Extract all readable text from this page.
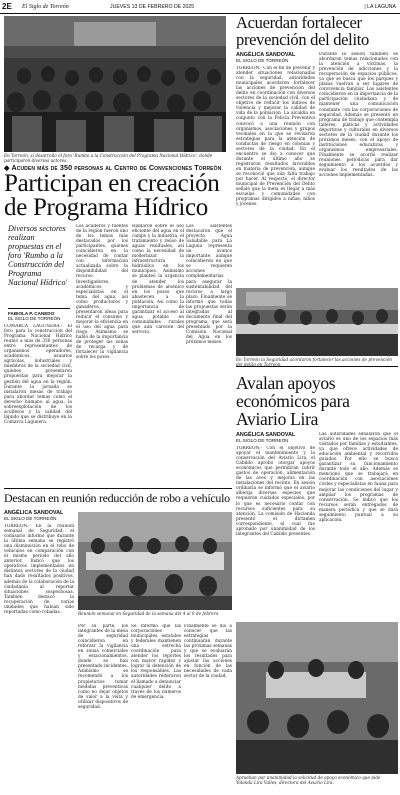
2E El Siglo de Torreón	JUEVES 13 DE FEBRERO DE 2025	| LA LAGUNA
En Torreón, si desarrolló el foro 'Rumbo a la Construcción del Programa Nacional Hídrico', donde participaron diversos actores.
Acuerdan fortalecer
prevención del delito
ANGÉLICA SANDOVAL
EL SIGLO DE TORREÓN
TORREÓN.- Con el fin de prevenir y atender situaciones relacionadas con la seguridad, autoridades municipales acordaron fortalecer las acciones de prevención del delito en coordinación con diversos sectores de la sociedad civil, con el objetivo de reducir los índices de violencia y mejorar la calidad de vida de la población. La alcaldía en conjunto con la Policía Preventiva convocó a una reunión con organismos, asociaciones y grupos vecinales en la que se revisaron estrategias para la atención de conductas de riesgo en colonias y sectores de la ciudad. En el encuentro se dio a conocer que durante el último año se registraron resultados favorables en materia de prevención, aunque se reconoció que aún falta trabajo por hacer. Al respecto, el director municipal de Prevención del Delito señaló que la meta es llegar a más escuelas y comunidades con programas dirigidos a niñas, niños y jóvenes.
Durante la sesión también se abordaron temas relacionados con la atención a víctimas, la prevención de adicciones y la recuperación de espacios públicos, ya que se busca que los parques y plazas vuelvan a ser lugares de convivencia familiar. Los asistentes coincidieron en la importancia de la participación ciudadana y de mantener una comunicación constante con las corporaciones de seguridad. Además se presentó un programa de trabajo que contempla talleres, pláticas y actividades deportivas y culturales en diversos sectores de la ciudad durante los próximos meses, con el apoyo de instituciones educativas y organismos empresariales. Finalmente se acordó realizar reuniones periódicas para dar seguimiento a los acuerdos y evaluar los resultados de las acciones implementadas.
◆ Acuden más de 350 personas al Centro de Convenciones Torreón
Participan en creación
de Programa Hídrico
En Torreón la Seguridad acordaron fortalecer las acciones de prevención del delito en Torreón.
Diversos sectores realizan propuestas en el foro 'Rumbo a la Construcción del Programa Nacional Hídrico'
FABIOLA P. CANEDO
EL SIGLO DE TORREÓN
COMARCA LAGUNERA.- El foro para la construcción del Programa Nacional Hídrico reunió a más de 350 personas entre representantes de organismos operadores, académicos, usuarios agrícolas, industriales y miembros de la sociedad civil, quienes presentaron propuestas para mejorar la gestión del agua en la región. Durante la jornada se instalaron mesas de trabajo para abordar temas como el derecho humano al agua, la sobreexplotación de los acuíferos y la calidad del líquido que se distribuye en la Comarca Lagunera.
Los acuíferos y fuentes de la región fueron uno de los temas más destacados por los participantes, quienes coincidieron en la necesidad de contar con información actualizada sobre la disponibilidad del recurso. Investigadores, académicos y especialistas en el tema del agua, así como productores y ganaderos, presentaron ideas para reducir el consumo y mejorar la eficiencia en el uso del agua para riego. Asimismo se habló de la importancia de proteger las zonas de recarga y de fortalecer la vigilancia sobre los pozos.
Hablaron sobre el uso eficiente del agua en el campo y la industria, el tratamiento y reúso de aguas residuales, así como la necesidad de modernizar la infraestructura hidráulica en los municipios. Asimismo se planteó la urgencia de atender los problemas de arsénico en los pozos que abastecen a la población. Así como la importancia de garantizar el acceso al agua potable en comunidades rurales que aún carecen del servicio.
Los asistentes destacaron que el proyecto Agua Saludable para La Laguna representa un avance importante, aunque coincidieron en que se requieren acciones complementarias para asegurar la sustentabilidad del recurso a largo plazo. Finalmente se informó que todas las propuestas serán integradas al documento final del programa, que será presentado por la Comisión Nacional del Agua en los próximos meses.
Avalan apoyos
económicos para
Aviario Lira
ANGÉLICA SANDOVAL
EL SIGLO DE TORREÓN
TORREÓN.- Con el objetivo de apoyar el mantenimiento y la conservación del Aviario Lira, el Cabildo aprobó otorgar apoyos económicos que permitirán cubrir gastos de operación, alimentación de las aves y mejoras en las instalaciones del recinto. En sesión ordinaria se informó que el aviario alberga diversas especies que requieren cuidados especiales, por lo que es necesario contar con recursos suficientes para su atención. La comisión de Hacienda presentó el dictamen correspondiente, el cual fue aprobado por unanimidad de los integrantes del Cabildo presentes.
Las autoridades señalaron que el aviario es uno de los espacios más visitados por familias y estudiantes, ya que ofrece actividades de educación ambiental y recorridos guiados. Por ello se busca garantizar su funcionamiento durante todo el año. Además se mencionó que se trabajará en coordinación con asociaciones civiles y especialistas en fauna para mejorar las condiciones del lugar y ampliar los programas de conservación. Se indicó que los recursos serán entregados de manera periódica y que se dará seguimiento puntual a su aplicación.
Destacan en reunión reducción de robo a vehículo
ANGÉLICA SANDOVAL
EL SIGLO DE TORREÓN
TORREÓN.- En la reunión semanal de Seguridad, el comisario informó que durante la última semana se registró una disminución en el robo de vehículos en comparación con el mismo periodo del año anterior. Indicó que los operativos implementados en distintos sectores de la ciudad han dado resultados positivos, además de la colaboración de la ciudadanía al reportar situaciones sospechosas. También destacó la recuperación de varias unidades que habían sido reportadas como robadas.	Reunión semanal en Seguridad de la semana del 4 al 9 de febrero.
Por su parte, los integrantes de la mesa de seguridad coincidieron en reforzar la vigilancia en zonas comerciales y estacionamientos, donde se han presentado incidentes. Asimismo se recomendó a los propietarios tomar medidas preventivas como no dejar objetos de valor a la vista y utilizar dispositivos de seguridad.
Se informó que las corporaciones municipales, estatales y federales mantienen una estrecha coordinación para atender los reportes con mayor rapidez y lograr la detención de los responsables. Las autoridades reiteraron el llamado a denunciar cualquier delito a través de los números de emergencia.
Finalmente se dio a conocer que las estrategias continuarán durante las próximas semanas y que se evaluarán los resultados para ajustar las acciones en función de las necesidades de cada sector de la ciudad.
Aprueban por unanimidad la solicitud de apoyo económico que pide Yolanda Lira Valles, directora del Aviario Lira.
